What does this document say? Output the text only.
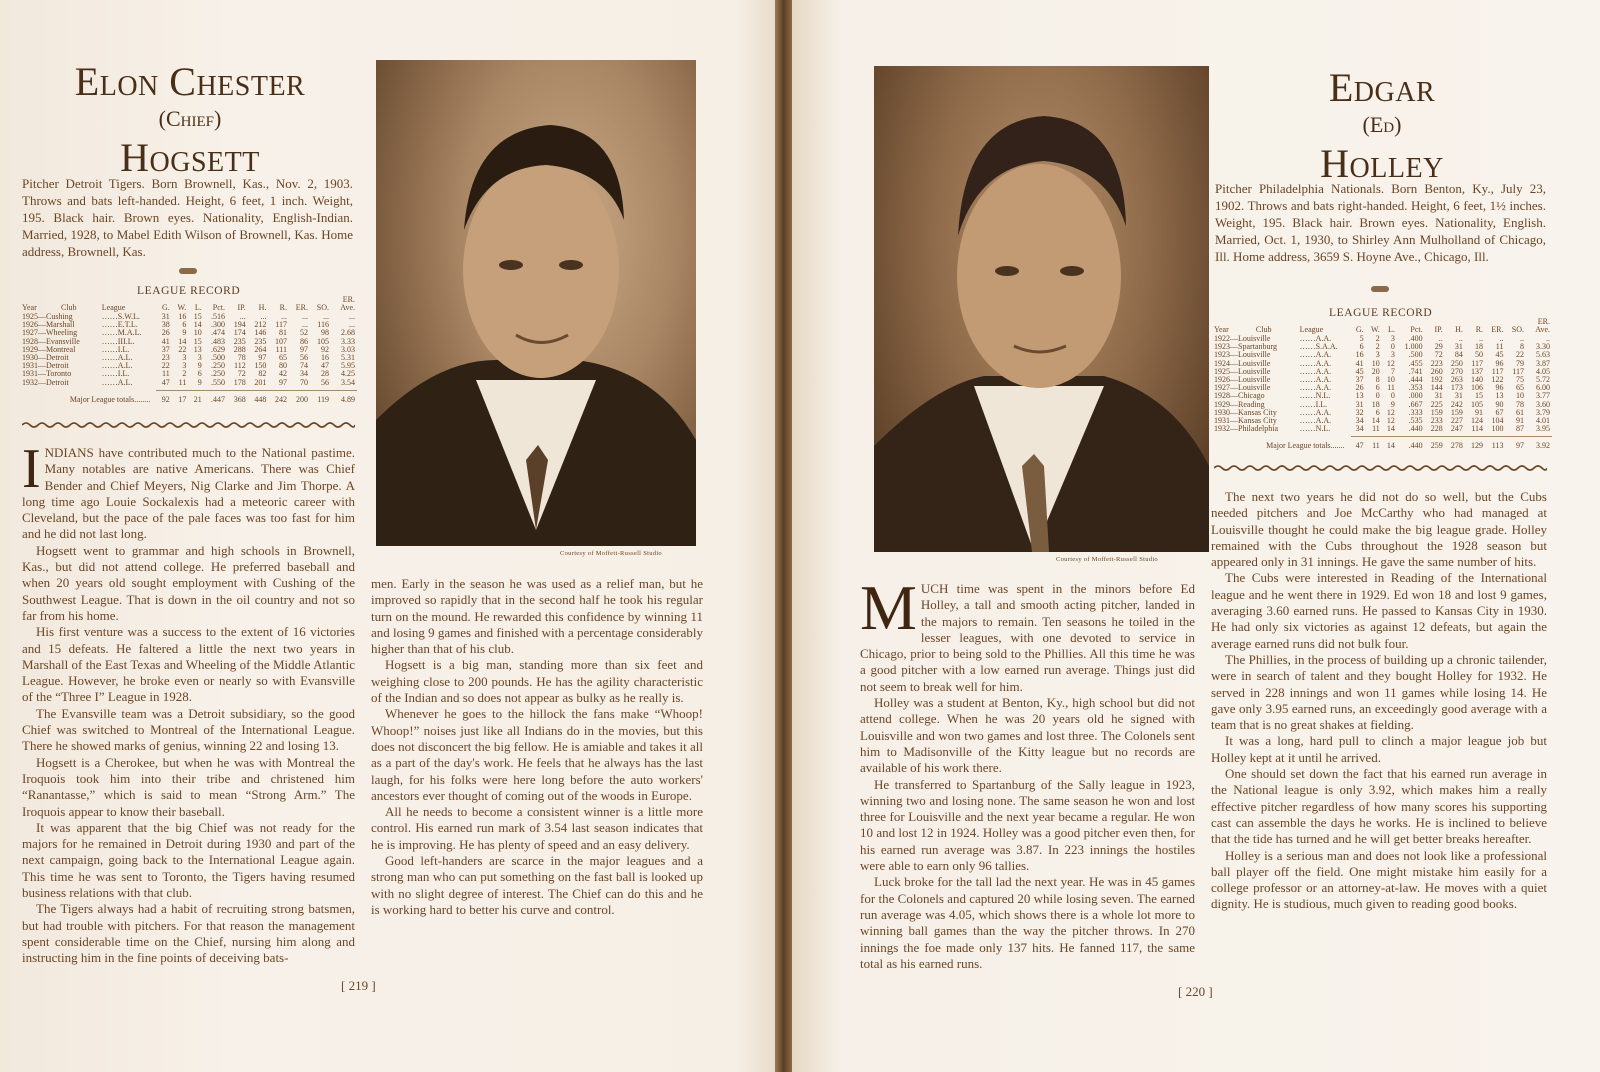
Elon Chester
(Chief)
Hogsett
Pitcher Detroit Tigers. Born Brownell, Kas., Nov. 2, 1903. Throws and bats left-handed. Height, 6 feet, 1 inch. Weight, 195. Black hair. Brown eyes. Nationality, English-Indian. Married, 1928, to Mabel Edith Wilson of Brownell, Kas. Home address, Brownell, Kas.
LEAGUE RECORD
Year	Club	League	G.	W.	L.	Pct.	IP.	H.	R.	ER.	SO.	ER. Ave.
1925—Cushing		……S.W.L.	31	16	15	.516	...	...	...	...	...	...
1926—Marshall		……E.T.L.	38	6	14	.300	194	212	117	...	116	...
1927—Wheeling		……M.A.L.	26	9	10	.474	174	146	81	52	98	2.68
1928—Evansville		……III.L.	41	14	15	.483	235	235	107	86	105	3.33
1929—Montreal		……I.L.	37	22	13	.629	288	264	111	97	92	3.03
1930—Detroit		……A.L.	23	3	3	.500	78	97	65	56	16	5.31
1931—Detroit		……A.L.	22	3	9	.250	112	150	80	74	47	5.95
1931—Toronto		……I.L.	11	2	6	.250	72	82	42	34	28	4.25
1932—Detroit		……A.L.	47	11	9	.550	178	201	97	70	56	3.54

Major League totals........			92	17	21	.447	368	448	242	200	119	4.89
Courtesy of Moffett-Russell Studio

INDIANS have contributed much to the National pastime. Many notables are native Americans. There was Chief Bender and Chief Meyers, Nig Clarke and Jim Thorpe. A long time ago Louie Sockalexis had a meteoric career with Cleveland, but the pace of the pale faces was too fast for him and he did not last long.

Hogsett went to grammar and high schools in Brownell, Kas., but did not attend college. He preferred baseball and when 20 years old sought employment with Cushing of the Southwest League. That is down in the oil country and not so far from his home.

His first venture was a success to the extent of 16 victories and 15 defeats. He faltered a little the next two years in Marshall of the East Texas and Wheeling of the Middle Atlantic League. However, he broke even or nearly so with Evansville of the “Three I” League in 1928.

The Evansville team was a Detroit subsidiary, so the good Chief was switched to Montreal of the International League. There he showed marks of genius, winning 22 and losing 13.

Hogsett is a Cherokee, but when he was with Montreal the Iroquois took him into their tribe and christened him “Ranantasse,” which is said to mean “Strong Arm.” The Iroquois appear to know their baseball.

It was apparent that the big Chief was not ready for the majors for he remained in Detroit during 1930 and part of the next campaign, going back to the International League again. This time he was sent to Toronto, the Tigers having resumed business relations with that club.

The Tigers always had a habit of recruiting strong batsmen, but had trouble with pitchers. For that reason the management spent considerable time on the Chief, nursing him along and instructing him in the fine points of deceiving bats-

men. Early in the season he was used as a relief man, but he improved so rapidly that in the second half he took his regular turn on the mound. He rewarded this confidence by winning 11 and losing 9 games and finished with a percentage considerably higher than that of his club.

Hogsett is a big man, standing more than six feet and weighing close to 200 pounds. He has the agility characteristic of the Indian and so does not appear as bulky as he really is.

Whenever he goes to the hillock the fans make “Whoop! Whoop!” noises just like all Indians do in the movies, but this does not disconcert the big fellow. He is amiable and takes it all as a part of the day's work. He feels that he always has the last laugh, for his folks were here long before the auto workers' ancestors ever thought of coming out of the woods in Europe.

All he needs to become a consistent winner is a little more control. His earned run mark of 3.54 last season indicates that he is improving. He has plenty of speed and an easy delivery.

Good left-handers are scarce in the major leagues and a strong man who can put something on the fast ball is looked up with no slight degree of interest. The Chief can do this and he is working hard to better his curve and control.

[ 219 ]
Courtesy of Moffett-Russell Studio
Edgar
(Ed)
Holley
Pitcher Philadelphia Nationals. Born Benton, Ky., July 23, 1902. Throws and bats right-handed. Height, 6 feet, 1½ inches. Weight, 195. Black hair. Brown eyes. Nationality, English. Married, Oct. 1, 1930, to Shirley Ann Mulholland of Chicago, Ill. Home address, 3659 S. Hoyne Ave., Chicago, Ill.
LEAGUE RECORD
Year	Club	League	G.	W.	L.	Pct.	IP.	H.	R.	ER.	SO.	ER. Ave.
1922—Louisville		……A.A.	5	2	3	.400	..	..	..	..	..	..
1923—Spartanburg		……S.A.A.	6	2	0	1.000	29	31	18	11	8	3.30
1923—Louisville		……A.A.	16	3	3	.500	72	84	50	45	22	5.63
1924—Louisville		……A.A.	41	10	12	.455	223	250	117	96	79	3.87
1925—Louisville		……A.A.	45	20	7	.741	260	270	137	117	117	4.05
1926—Louisville		……A.A.	37	8	10	.444	192	263	140	122	75	5.72
1927—Louisville		……A.A.	26	6	11	.353	144	173	106	96	65	6.00
1928—Chicago		……N.L.	13	0	0	.000	31	31	15	13	10	3.77
1929—Reading		……I.L.	31	18	9	.667	225	242	105	90	78	3.60
1930—Kansas City		……A.A.	32	6	12	.333	159	159	91	67	61	3.79
1931—Kansas City		……A.A.	34	14	12	.535	233	227	124	104	91	4.01
1932—Philadelphia		……N.L.	34	11	14	.440	228	247	114	100	87	3.95

Major League totals.......			47	11	14	.440	259	278	129	113	97	3.92

MUCH time was spent in the minors before Ed Holley, a tall and smooth acting pitcher, landed in the majors to remain. Ten seasons he toiled in the lesser leagues, with one devoted to service in Chicago, prior to being sold to the Phillies. All this time he was a good pitcher with a low earned run average. Things just did not seem to break well for him.

Holley was a student at Benton, Ky., high school but did not attend college. When he was 20 years old he signed with Louisville and won two games and lost three. The Colonels sent him to Madisonville of the Kitty league but no records are available of his work there.

He transferred to Spartanburg of the Sally league in 1923, winning two and losing none. The same season he won and lost three for Louisville and the next year became a regular. He won 10 and lost 12 in 1924. Holley was a good pitcher even then, for his earned run average was 3.87. In 223 innings the hostiles were able to earn only 96 tallies.

Luck broke for the tall lad the next year. He was in 45 games for the Colonels and captured 20 while losing seven. The earned run average was 4.05, which shows there is a whole lot more to winning ball games than the way the pitcher throws. In 270 innings the foe made only 137 hits. He fanned 117, the same total as his earned runs.

The next two years he did not do so well, but the Cubs needed pitchers and Joe McCarthy who had managed at Louisville thought he could make the big league grade. Holley remained with the Cubs throughout the 1928 season but appeared only in 31 innings. He gave the same number of hits.

The Cubs were interested in Reading of the International league and he went there in 1929. Ed won 18 and lost 9 games, averaging 3.60 earned runs. He passed to Kansas City in 1930. He had only six victories as against 12 defeats, but again the average earned runs did not bulk four.

The Phillies, in the process of building up a chronic tailender, were in search of talent and they bought Holley for 1932. He served in 228 innings and won 11 games while losing 14. He gave only 3.95 earned runs, an exceedingly good average with a team that is no great shakes at fielding.

It was a long, hard pull to clinch a major league job but Holley kept at it until he arrived.

One should set down the fact that his earned run average in the National league is only 3.92, which makes him a really effective pitcher regardless of how many scores his supporting cast can assemble the days he works. He is inclined to believe that the tide has turned and he will get better breaks hereafter.

Holley is a serious man and does not look like a professional ball player off the field. One might mistake him easily for a college professor or an attorney-at-law. He moves with a quiet dignity. He is studious, much given to reading good books.

[ 220 ]
